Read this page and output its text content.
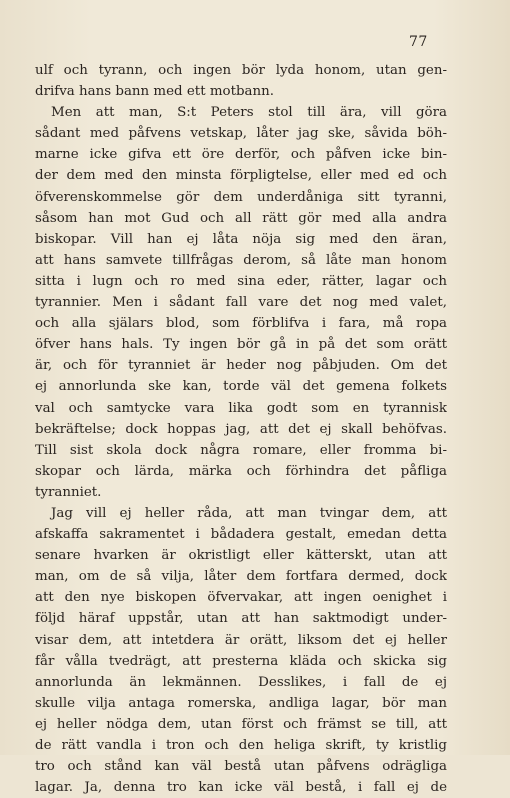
77
ulf och tyrann, och ingen bör lyda honom, utan gen-
drifva hans bann med ett motbann.
Men att man, S:t Peters stol till ära, vill göra
sådant med påfvens vetskap, låter jag ske, såvida böh-
marne icke gifva ett öre derför, och påfven icke bin-
der dem med den minsta förpligtelse, eller med ed och
öfverenskommelse gör dem underdåniga sitt tyranni,
såsom han mot Gud och all rätt gör med alla andra
biskopar. Vill han ej låta nöja sig med den äran,
att hans samvete tillfrågas derom, så låte man honom
sitta i lugn och ro med sina eder, rätter, lagar och
tyrannier. Men i sådant fall vare det nog med valet,
och alla själars blod, som förblifva i fara, må ropa
öfver hans hals. Ty ingen bör gå in på det som orätt
är, och för tyranniet är heder nog påbjuden. Om det
ej annorlunda ske kan, torde väl det gemena folkets
val och samtycke vara lika godt som en tyrannisk
bekräftelse; dock hoppas jag, att det ej skall behöfvas.
Till sist skola dock några romare, eller fromma bi-
skopar och lärda, märka och förhindra det påfliga
tyranniet.
Jag vill ej heller råda, att man tvingar dem, att
afskaffa sakramentet i bådadera gestalt, emedan detta
senare hvarken är okristligt eller kätterskt, utan att
man, om de så vilja, låter dem fortfara dermed, dock
att den nye biskopen öfvervakar, att ingen oenighet i
följd häraf uppstår, utan att han saktmodigt under-
visar dem, att intetdera är orätt, liksom det ej heller
får vålla tvedrägt, att presterna kläda och skicka sig
annorlunda än lekmännen. Desslikes, i fall de ej
skulle vilja antaga romerska, andliga lagar, bör man
ej heller nödga dem, utan först och främst se till, att
de rätt vandla i tron och den heliga skrift, ty kristlig
tro och stånd kan väl bestå utan påfvens odrägliga
lagar. Ja, denna tro kan icke väl bestå, i fall ej de
